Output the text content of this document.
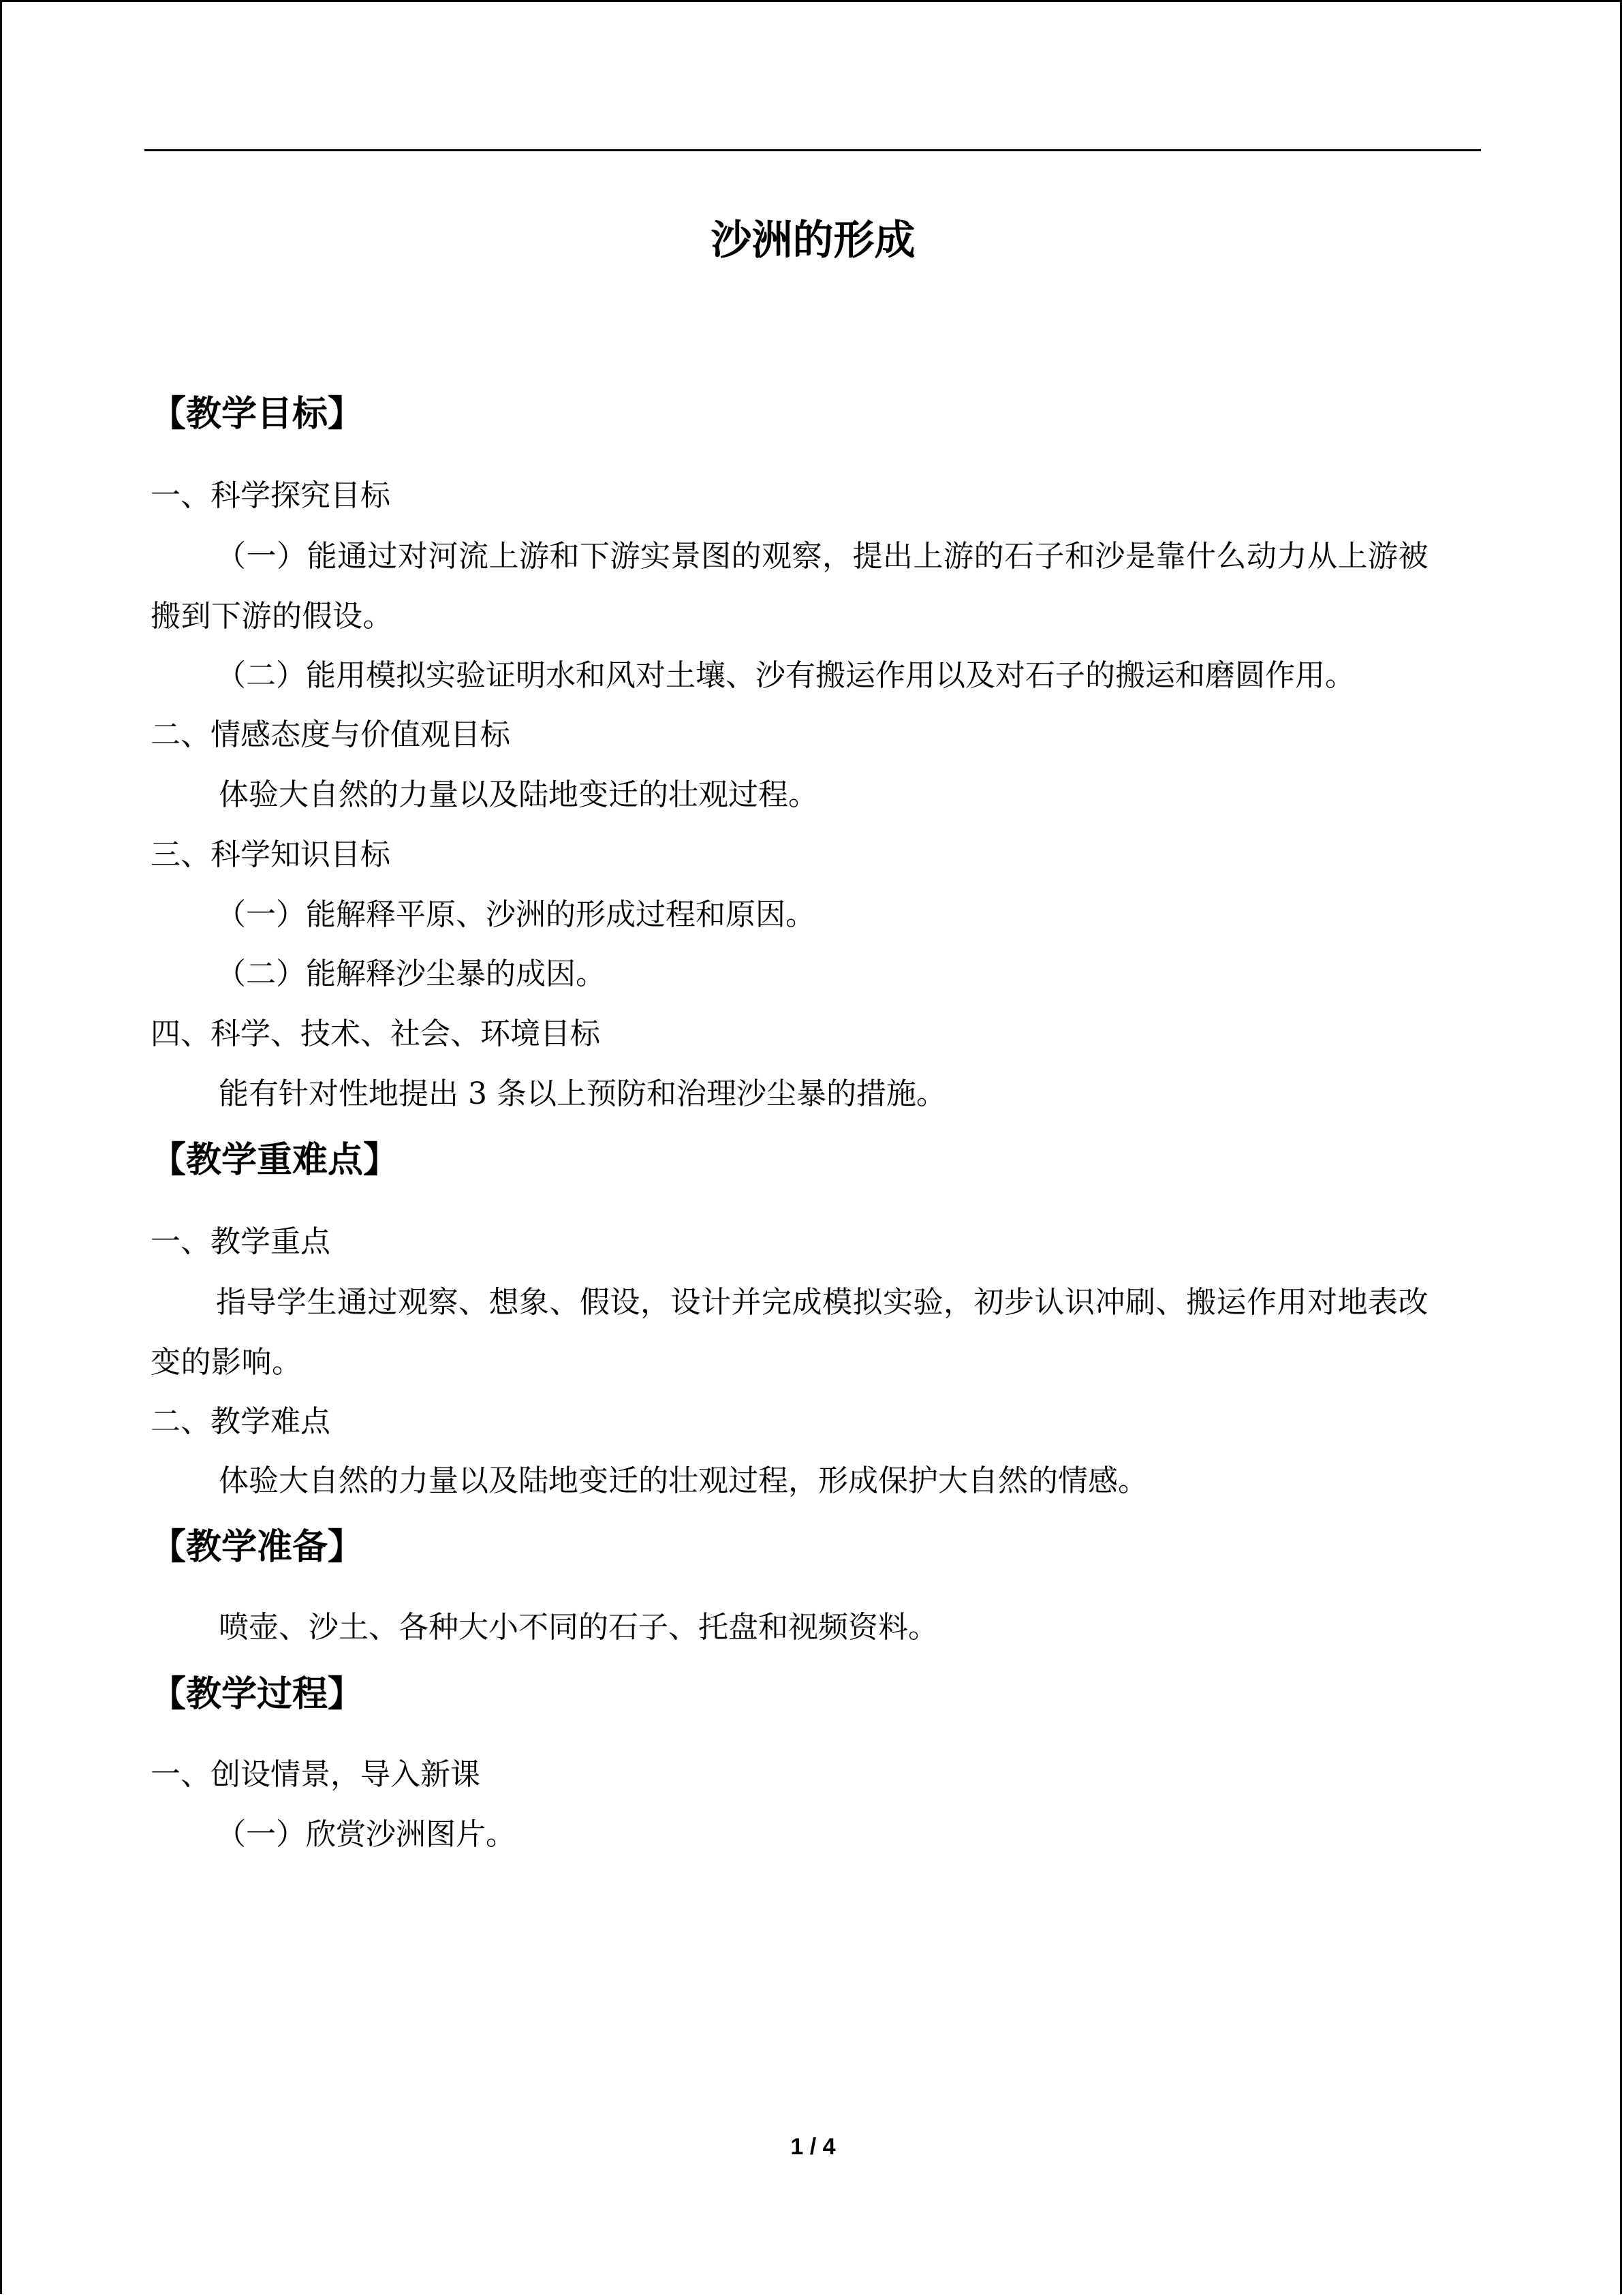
沙洲的形成
【教学目标】
一、科学探究目标
（一）能通过对河流上游和下游实景图的观察，提出上游的石子和沙是靠什么动力从上游被搬到下游的假设。
（二）能用模拟实验证明水和风对土壤、沙有搬运作用以及对石子的搬运和磨圆作用。
二、情感态度与价值观目标
体验大自然的力量以及陆地变迁的壮观过程。
三、科学知识目标
（一）能解释平原、沙洲的形成过程和原因。
（二）能解释沙尘暴的成因。
四、科学、技术、社会、环境目标
能有针对性地提出 3 条以上预防和治理沙尘暴的措施。
【教学重难点】
一、教学重点
指导学生通过观察、想象、假设，设计并完成模拟实验，初步认识冲刷、搬运作用对地表改变的影响。
二、教学难点
体验大自然的力量以及陆地变迁的壮观过程，形成保护大自然的情感。
【教学准备】
喷壶、沙土、各种大小不同的石子、托盘和视频资料。
【教学过程】
一、创设情景，导入新课
（一）欣赏沙洲图片。
1 / 4
